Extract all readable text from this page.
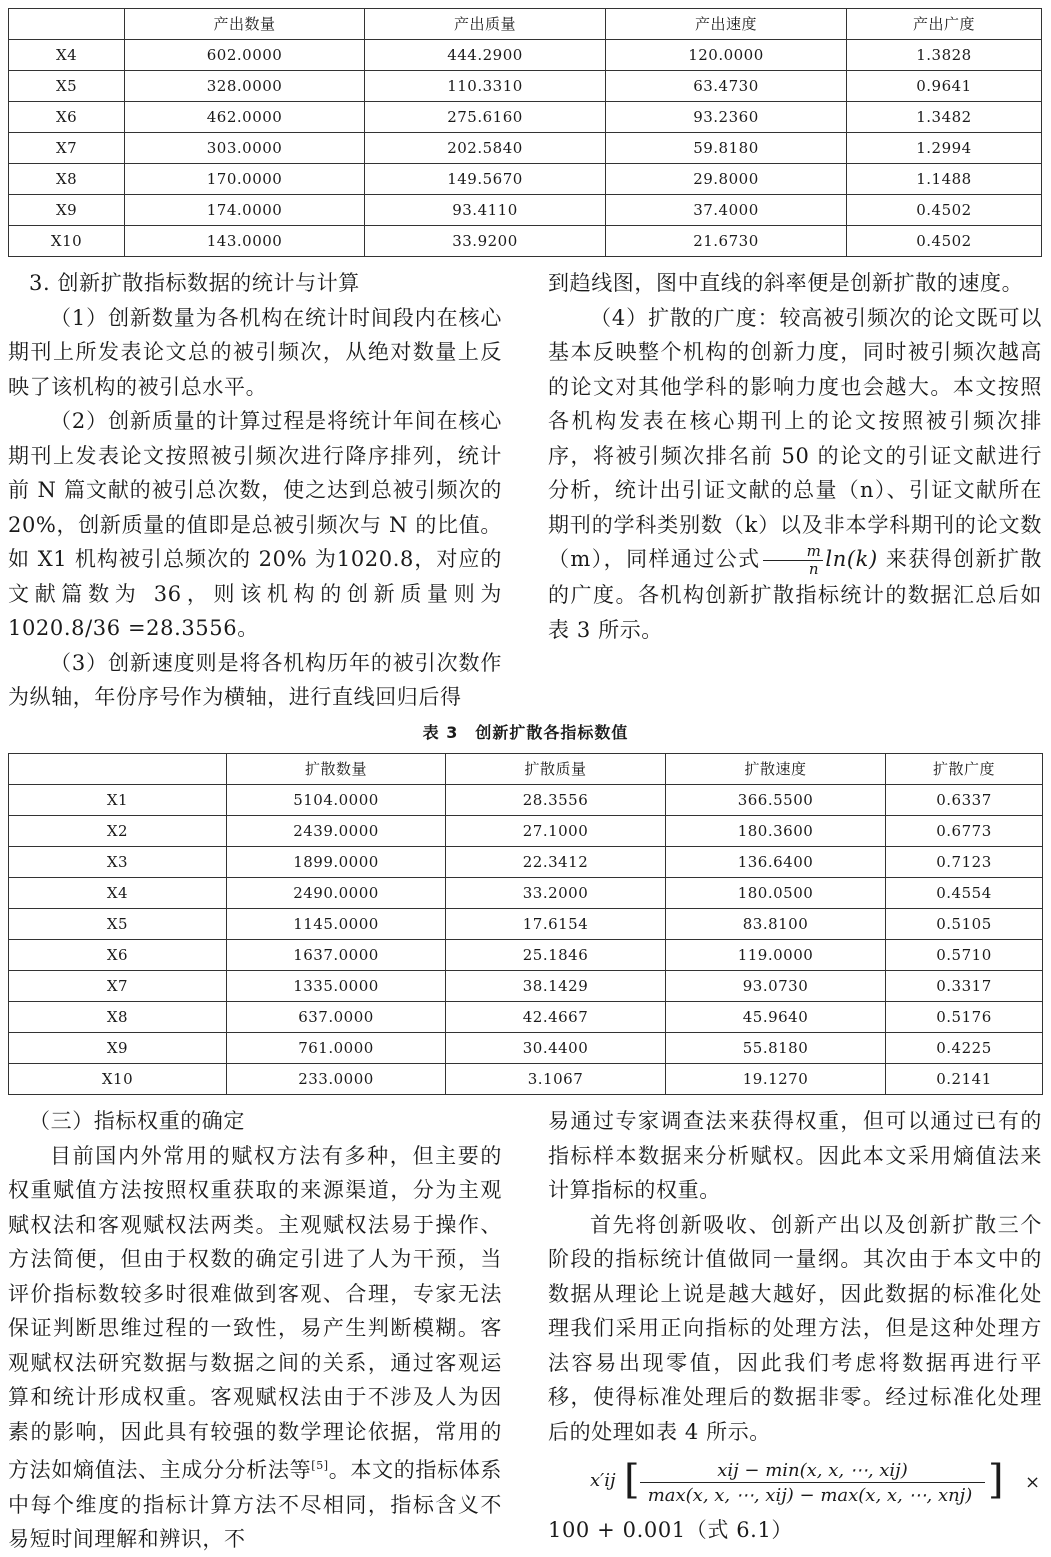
	产出数量	产出质量	产出速度	产出广度
X4	602.0000	444.2900	120.0000	1.3828
X5	328.0000	110.3310	63.4730	0.9641
X6	462.0000	275.6160	93.2360	1.3482
X7	303.0000	202.5840	59.8180	1.2994
X8	170.0000	149.5670	29.8000	1.1488
X9	174.0000	93.4110	37.4000	0.4502
X10	143.0000	33.9200	21.6730	0.4502

3. 创新扩散指标数据的统计与计算

（1）创新数量为各机构在统计时间段内在核心期刊上所发表论文总的被引频次，从绝对数量上反映了该机构的被引总水平。

（2）创新质量的计算过程是将统计年间在核心期刊上发表论文按照被引频次进行降序排列，统计前 N 篇文献的被引总次数，使之达到总被引频次的 20%，创新质量的值即是总被引频次与 N 的比值。如 X1 机构被引总频次的 20% 为1020.8，对应的文献篇数为 36，则该机构的创新质量则为 1020.8/36 =28.3556。

（3）创新速度则是将各机构历年的被引次数作为纵轴，年份序号作为横轴，进行直线回归后得

到趋线图，图中直线的斜率便是创新扩散的速度。

（4）扩散的广度：较高被引频次的论文既可以基本反映整个机构的创新力度，同时被引频次越高的论文对其他学科的影响力度也会越大。本文按照各机构发表在核心期刊上的论文按照被引频次排序，将被引频次排名前 50 的论文的引证文献进行分析，统计出引证文献的总量（n）、引证文献所在期刊的学科类别数（k）以及非本学科期刊的论文数（m），同样通过公式 $\frac{m}{n} \ln(k)$ 来获得创新扩散的广度。各机构创新扩散指标统计的数据汇总后如表 3 所示。

表 3　创新扩散各指标数值
	扩散数量	扩散质量	扩散速度	扩散广度
X1	5104.0000	28.3556	366.5500	0.6337
X2	2439.0000	27.1000	180.3600	0.6773
X3	1899.0000	22.3412	136.6400	0.7123
X4	2490.0000	33.2000	180.0500	0.4554
X5	1145.0000	17.6154	83.8100	0.5105
X6	1637.0000	25.1846	119.0000	0.5710
X7	1335.0000	38.1429	93.0730	0.3317
X8	637.0000	42.4667	45.9640	0.5176
X9	761.0000	30.4400	55.8180	0.4225
X10	233.0000	3.1067	19.1270	0.2141

（三）指标权重的确定

目前国内外常用的赋权方法有多种，但主要的权重赋值方法按照权重获取的来源渠道，分为主观赋权法和客观赋权法两类。主观赋权法易于操作、方法简便，但由于权数的确定引进了人为干预，当评价指标数较多时很难做到客观、合理，专家无法保证判断思维过程的一致性，易产生判断模糊。客观赋权法研究数据与数据之间的关系，通过客观运算和统计形成权重。客观赋权法由于不涉及人为因素的影响，因此具有较强的数学理论依据，常用的方法如熵值法、主成分分析法等[5]。本文的指标体系中每个维度的指标计算方法不尽相同，指标含义不易短时间理解和辨识，不

易通过专家调查法来获得权重，但可以通过已有的指标样本数据来分析赋权。因此本文采用熵值法来计算指标的权重。

首先将创新吸收、创新产出以及创新扩散三个阶段的指标统计值做同一量纲。其次由于本文中的数据从理论上说是越大越好，因此数据的标准化处理我们采用正向指标的处理方法，但是这种处理方法容易出现零值，因此我们考虑将数据再进行平移，使得标准处理后的数据非零。经过标准化处理后的处理如表 4 所示。

x′ij [	xij − min(x, x, ⋯, xij)
max(x, x, ⋯, xij) − max(x, x, ⋯, xnj) ] ×
100 + 0.001（式 6.1）
